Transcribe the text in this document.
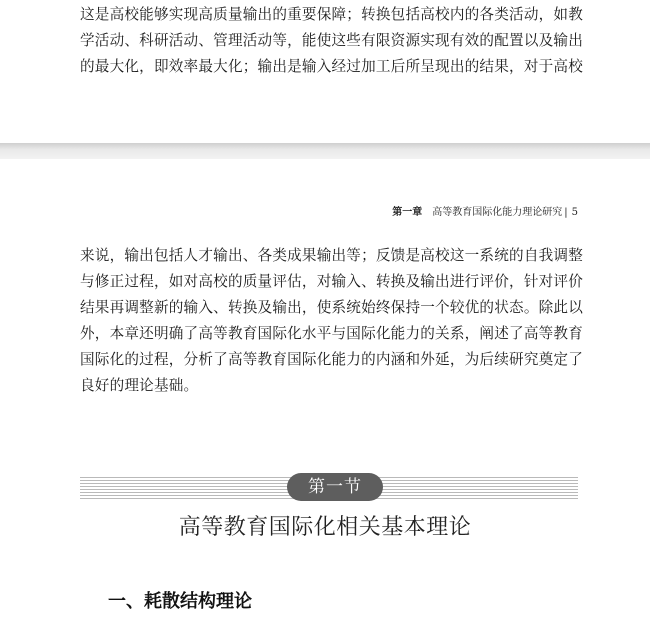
这是高校能够实现高质量输出的重要保障；转换包括高校内的各类活动，如教
学活动、科研活动、管理活动等，能使这些有限资源实现有效的配置以及输出
的最大化，即效率最大化；输出是输入经过加工后所呈现出的结果，对于高校

第一章 高等教育国际化能力理论研究 | 5

来说，输出包括人才输出、各类成果输出等；反馈是高校这一系统的自我调整
与修正过程，如对高校的质量评估，对输入、转换及输出进行评价，针对评价
结果再调整新的输入、转换及输出，使系统始终保持一个较优的状态。除此以
外，本章还明确了高等教育国际化水平与国际化能力的关系，阐述了高等教育
国际化的过程，分析了高等教育国际化能力的内涵和外延，为后续研究奠定了
良好的理论基础。

第一节
高等教育国际化相关基本理论
一、耗散结构理论
